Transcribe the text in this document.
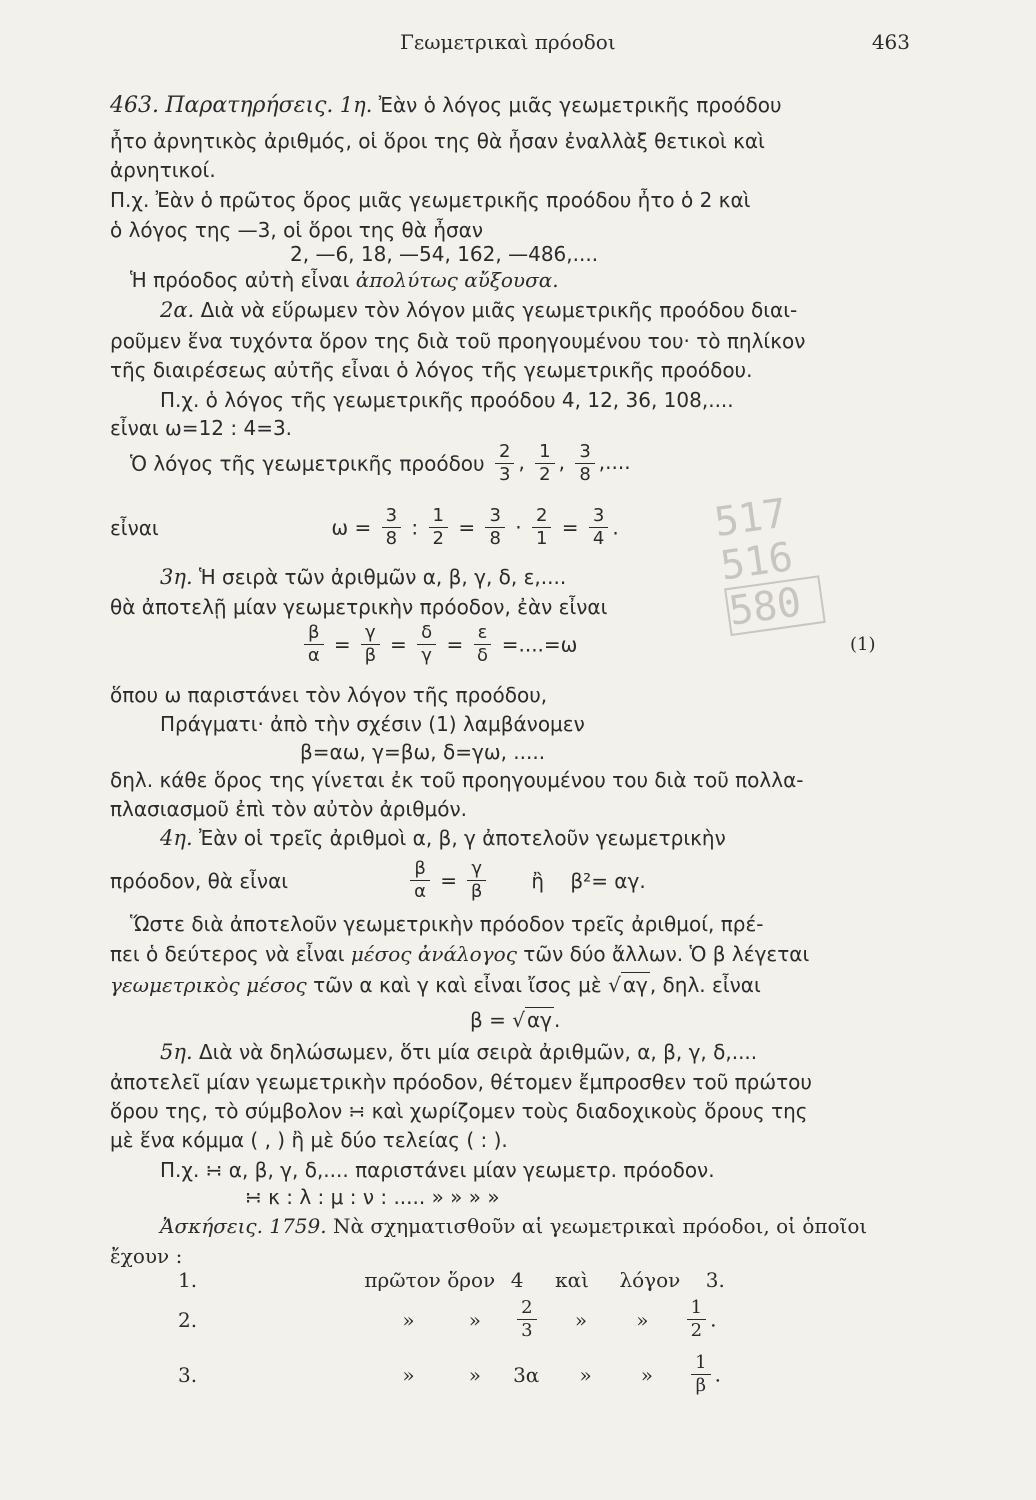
Γεωμετρικαὶ πρόοδοι	463
463. Παρατηρήσεις. 1η. Ἐὰν ὁ λόγος μιᾶς γεωμετρικῆς προόδου
ἦτο ἀρνητικὸς ἀριθμός, οἱ ὅροι της θὰ ἦσαν ἐναλλὰξ θετικοὶ καὶ
ἀρνητικοί.
Π.χ. Ἐὰν ὁ πρῶτος ὅρος μιᾶς γεωμετρικῆς προόδου ἦτο ὁ 2 καὶ
ὁ λόγος της —3, οἱ ὅροι της θὰ ἦσαν
2, —6, 18, —54, 162, —486,....
Ἡ πρόοδος αὐτὴ εἶναι ἀπολύτως αὔξουσα.
2α. Διὰ νὰ εὕρωμεν τὸν λόγον μιᾶς γεωμετρικῆς προόδου διαι-
ροῦμεν ἕνα τυχόντα ὅρον της διὰ τοῦ προηγουμένου του· τὸ πηλίκον
τῆς διαιρέσεως αὐτῆς εἶναι ὁ λόγος τῆς γεωμετρικῆς προόδου.
Π.χ. ὁ λόγος τῆς γεωμετρικῆς προόδου 4, 12, 36, 108,....
εἶναι ω=12 : 4=3.
Ὁ λόγος τῆς γεωμετρικῆς προόδου $\frac{2}{3}$ , $\frac{1}{2}$ , $\frac{3}{8}$ ,....
εἶναι	$\omega = \frac{3}{8}$ : $\frac{1}{2} = \frac{3}{8} \cdot \frac{2}{1} = \frac{3}{4}$ .
3η. Ἡ σειρὰ τῶν ἀριθμῶν α, β, γ, δ, ε,....
θὰ ἀποτελῇ μίαν γεωμετρικὴν πρόοδον, ἐὰν εἶναι
$\frac{\beta}{\alpha} = \frac{\gamma}{\beta} = \frac{\delta}{\gamma} = \frac{\varepsilon}{\delta} =....=\omega$	(1)
ὅπου ω παριστάνει τὸν λόγον τῆς προόδου,
Πράγματι· ἀπὸ τὴν σχέσιν (1) λαμβάνομεν
β=αω, γ=βω, δ=γω, .....
δηλ. κάθε ὅρος της γίνεται ἐκ τοῦ προηγουμένου του διὰ τοῦ πολλα-
πλασιασμοῦ ἐπὶ τὸν αὐτὸν ἀριθμόν.
4η. Ἐὰν οἱ τρεῖς ἀριθμοὶ α, β, γ ἀποτελοῦν γεωμετρικὴν
πρόοδον, θὰ εἶναι	$\frac{\beta}{\alpha} = \frac{\gamma}{\beta}$ ἢ β²= αγ.
Ὥστε διὰ ἀποτελοῦν γεωμετρικὴν πρόοδον τρεῖς ἀριθμοί, πρέ-
πει ὁ δεύτερος νὰ εἶναι μέσος ἀνάλογος τῶν δύο ἄλλων. Ὁ β λέγεται
γεωμετρικὸς μέσος τῶν α καὶ γ καὶ εἶναι ἴσος μὲ √ αγ , δηλ. εἶναι
β = √ αγ .
5η. Διὰ νὰ δηλώσωμεν, ὅτι μία σειρὰ ἀριθμῶν, α, β, γ, δ,....
ἀποτελεῖ μίαν γεωμετρικὴν πρόοδον, θέτομεν ἔμπροσθεν τοῦ πρώτου
ὅρου της, τὸ σύμβολον ∺ καὶ χωρίζομεν τοὺς διαδοχικοὺς ὅρους της
μὲ ἕνα κόμμα ( , ) ἢ μὲ δύο τελείας ( : ).
Π.χ. ∺ α, β, γ, δ,.... παριστάνει μίαν γεωμετρ. πρόοδον.
∺ κ : λ : μ : ν : ..... » » » »
Ἀσκήσεις. 1759. Νὰ σχηματισθοῦν αἱ γεωμετρικαὶ πρόοδοι, οἱ ὁποῖοι
ἔχουν :
1.	πρῶτον ὅρον 4 καὶ λόγον 3.
2.	»	» $\frac{2}{3}$ » » $\frac{1}{2}$ .
3.	»	» 3α » » $\frac{1}{\beta}$ .
517
516
580
